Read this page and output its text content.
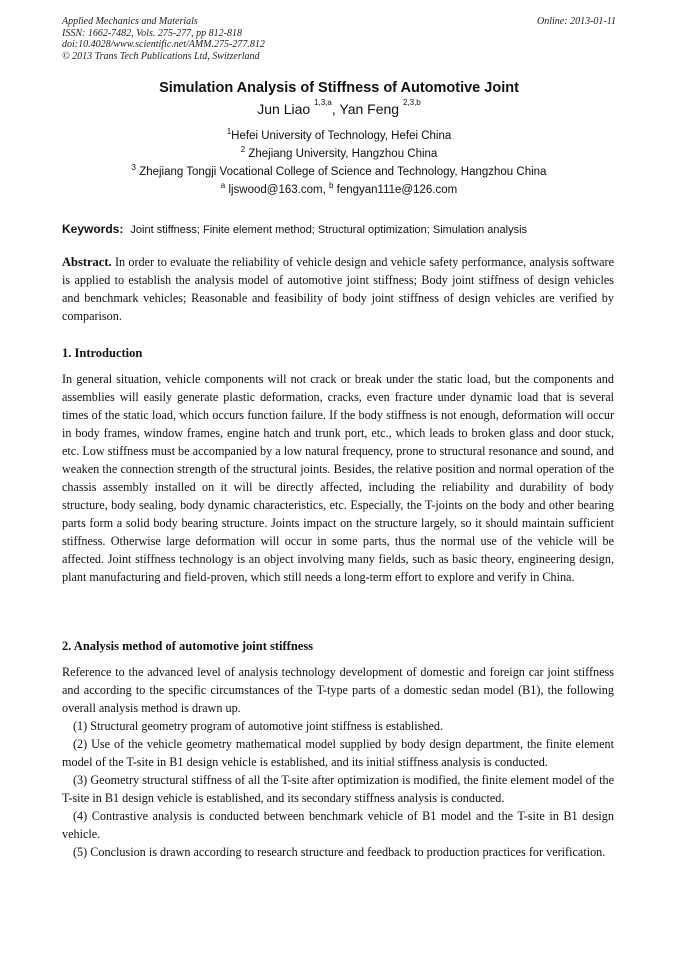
Applied Mechanics and Materials
ISSN: 1662-7482, Vols. 275-277, pp 812-818
doi:10.4028/www.scientific.net/AMM.275-277.812
© 2013 Trans Tech Publications Ltd, Switzerland
Online: 2013-01-11
Simulation Analysis of Stiffness of Automotive Joint
Jun Liao $^{1,3,a}$, Yan Feng $^{2,3,b}$
$^1$Hefei University of Technology, Hefei China
$^2$ Zhejiang University, Hangzhou China
$^3$ Zhejiang Tongji Vocational College of Science and Technology, Hangzhou China
$^a$ ljswood@163.com, $^b$ fengyan111e@126.com
Keywords: Joint stiffness; Finite element method; Structural optimization; Simulation analysis
Abstract. In order to evaluate the reliability of vehicle design and vehicle safety performance, analysis software is applied to establish the analysis model of automotive joint stiffness; Body joint stiffness of design vehicles and benchmark vehicles; Reasonable and feasibility of body joint stiffness of design vehicles are verified by comparison.
1. Introduction
In general situation, vehicle components will not crack or break under the static load, but the components and assemblies will easily generate plastic deformation, cracks, even fracture under dynamic load that is several times of the static load, which occurs function failure. If the body stiffness is not enough, deformation will occur in body frames, window frames, engine hatch and trunk port, etc., which leads to broken glass and door stuck, etc. Low stiffness must be accompanied by a low natural frequency, prone to structural resonance and sound, and weaken the connection strength of the structural joints. Besides, the relative position and normal operation of the chassis assembly installed on it will be directly affected, including the reliability and durability of body structure, body sealing, body dynamic characteristics, etc. Especially, the T-joints on the body and other bearing parts form a solid body bearing structure. Joints impact on the structure largely, so it should maintain sufficient stiffness. Otherwise large deformation will occur in some parts, thus the normal use of the vehicle will be affected. Joint stiffness technology is an object involving many fields, such as basic theory, engineering design, plant manufacturing and field-proven, which still needs a long-term effort to explore and verify in China.
2. Analysis method of automotive joint stiffness

Reference to the advanced level of analysis technology development of domestic and foreign car joint stiffness and according to the specific circumstances of the T-type parts of a domestic sedan model (B1), the following overall analysis method is drawn up.

(1) Structural geometry program of automotive joint stiffness is established.

(2) Use of the vehicle geometry mathematical model supplied by body design department, the finite element model of the T-site in B1 design vehicle is established, and its initial stiffness analysis is conducted.

(3) Geometry structural stiffness of all the T-site after optimization is modified, the finite element model of the T-site in B1 design vehicle is established, and its secondary stiffness analysis is conducted.

(4) Contrastive analysis is conducted between benchmark vehicle of B1 model and the T-site in B1 design vehicle.

(5) Conclusion is drawn according to research structure and feedback to production practices for verification.
